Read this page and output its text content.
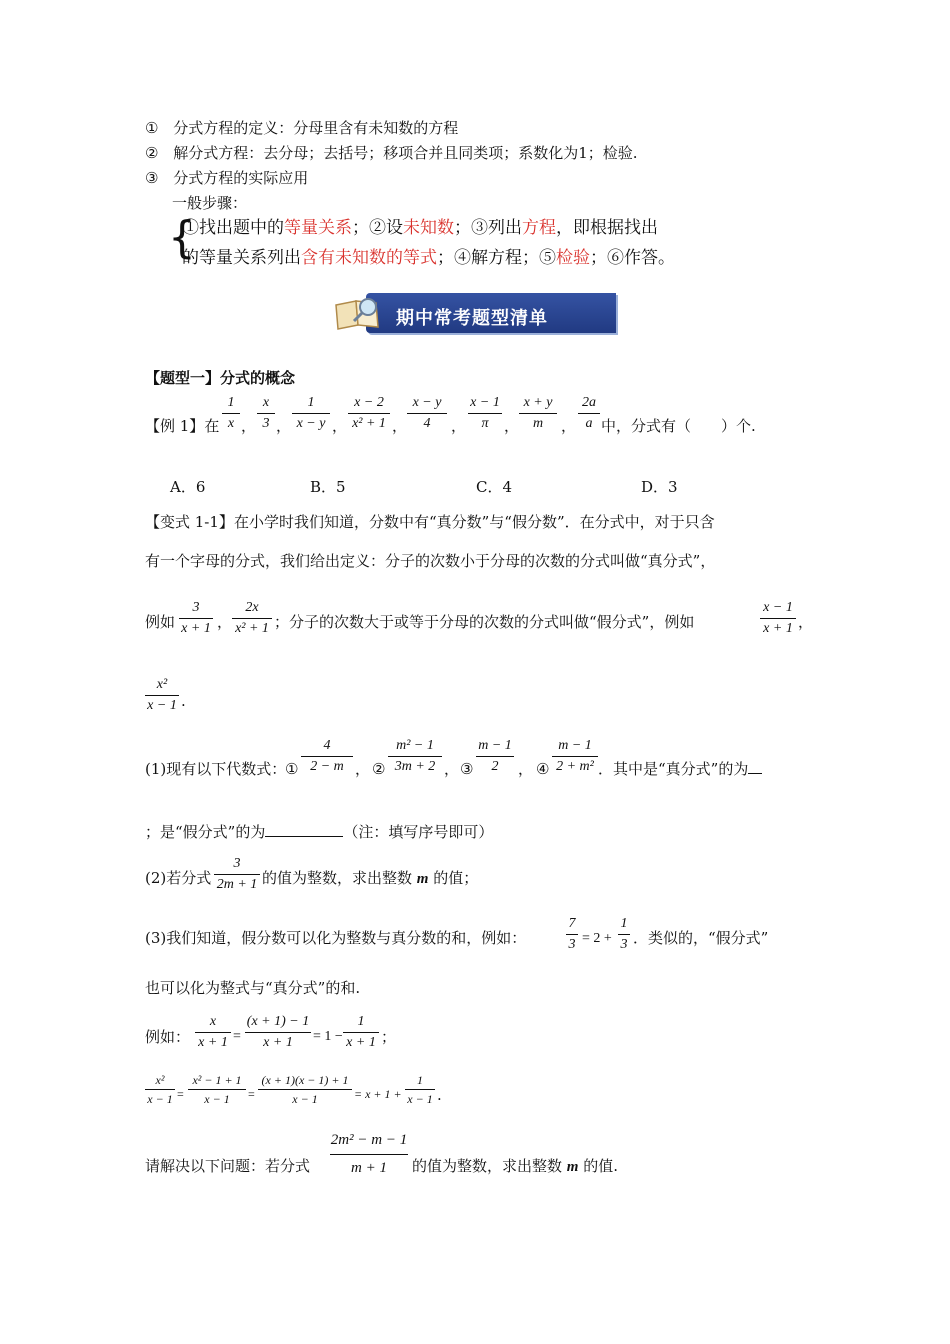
① 分式方程的定义：分母里含有未知数的方程
② 解分式方程：去分母；去括号；移项合并且同类项；系数化为1；检验.
③ 分式方程的实际应用
一般步骤：
{
①找出题中的等量关系；②设未知数；③列出方程，即根据找出
的等量关系列出含有未知数的等式；④解方程；⑤检验；⑥作答。
期中常考题型清单
【题型一】分式的概念
【例 1】在
1
x ，
x
3 ，
1
x − y ，
x − 2
x² + 1 ，
x − y
4	，
x − 1
π	，
x + y
m	，
2a
a 中，分式有（　　）个.
A．6	B．5	C．4	D．3
【变式 1-1】在小学时我们知道，分数中有“真分数”与“假分数”．在分式中，对于只含
有一个字母的分式，我们给出定义：分子的次数小于分母的次数的分式叫做“真分式”，
例如
3
x + 1 ，
2x
x² + 1 ；分子的次数大于或等于分母的次数的分式叫做“假分式”，例如
x − 1
x + 1 ，
x²
x − 1 .
(1)现有以下代数式：
①
4
2 − m ， ②
m² − 1
3m + 2 ， ③
m − 1
2	， ④
m − 1
2 + m² ．其中是“真分式”的为
；是“假分式”的为	（注：填写序号即可）
(2)若分式
3
2m + 1 的值为整数，求出整数 m 的值；
(3)我们知道，假分数可以化为整数与真分数的和，例如：
7
3 = 2 +
1
3 ．类似的，“假分式”
也可以化为整式与“真分式”的和.
例如：
x
x + 1 =
(x + 1) − 1
x + 1	= 1 −
1
x + 1 ；
x²
x − 1 =
x² − 1 + 1
x − 1	=
(x + 1)(x − 1) + 1
x − 1	= x + 1 +
1
x − 1 .
请解决以下问题：若分式
2m² − m − 1
m + 1	的值为整数，求出整数 m 的值.
